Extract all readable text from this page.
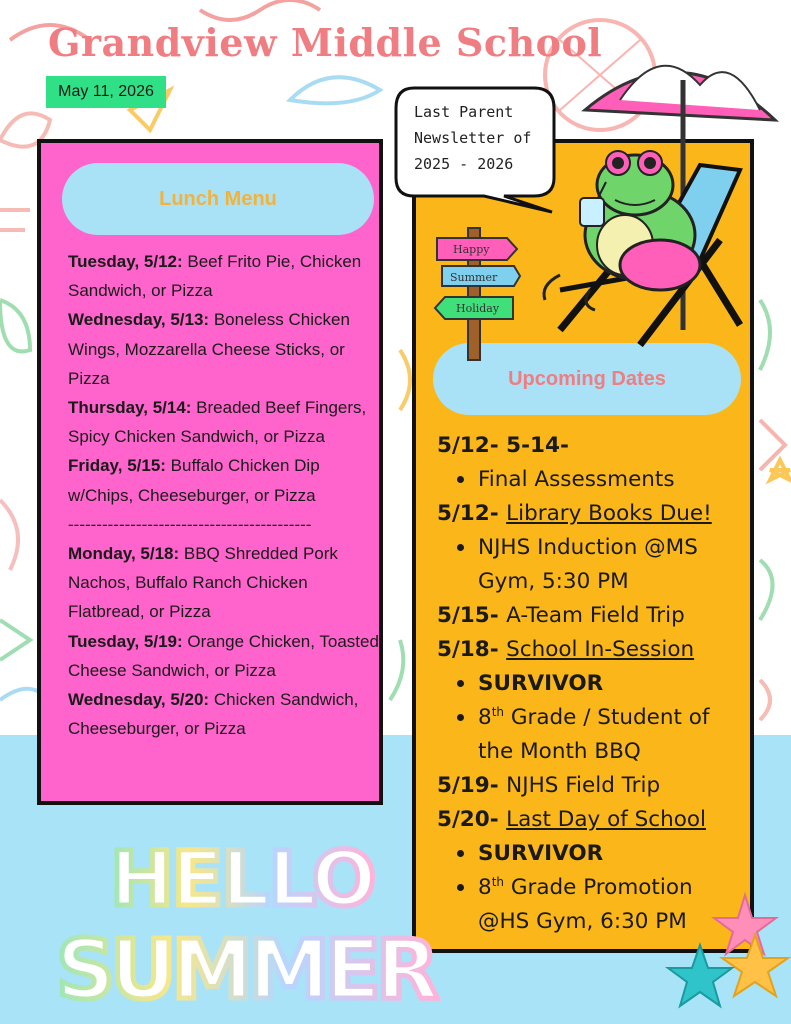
Grandview Middle School
May 11, 2026
Lunch Menu

Tuesday, 5/12: Beef Frito Pie, Chicken Sandwich, or Pizza

Wednesday, 5/13: Boneless Chicken Wings, Mozzarella Cheese Sticks, or Pizza

Thursday, 5/14: Breaded Beef Fingers, Spicy Chicken Sandwich, or Pizza

Friday, 5/15: Buffalo Chicken Dip w/Chips, Cheeseburger, or Pizza

-------------------------------------------

Monday, 5/18: BBQ Shredded Pork Nachos, Buffalo Ranch Chicken Flatbread, or Pizza

Tuesday, 5/19: Orange Chicken, Toasted Cheese Sandwich, or Pizza

Wednesday, 5/20: Chicken Sandwich, Cheeseburger, or Pizza

Upcoming Dates

5/12- 5-14-

Final Assessments

5/12- Library Books Due!

NJHS Induction @MS

Gym, 5:30 PM

5/15- A-Team Field Trip

5/18- School In-Session

SURVIVOR

8th Grade / Student of

the Month BBQ

5/19- NJHS Field Trip

5/20- Last Day of School

SURVIVOR

8th Grade Promotion

@HS Gym, 6:30 PM

Happy
Summer
Holiday

Last Parent

Newsletter of

2025 - 2026

HELLO
SUMMER
